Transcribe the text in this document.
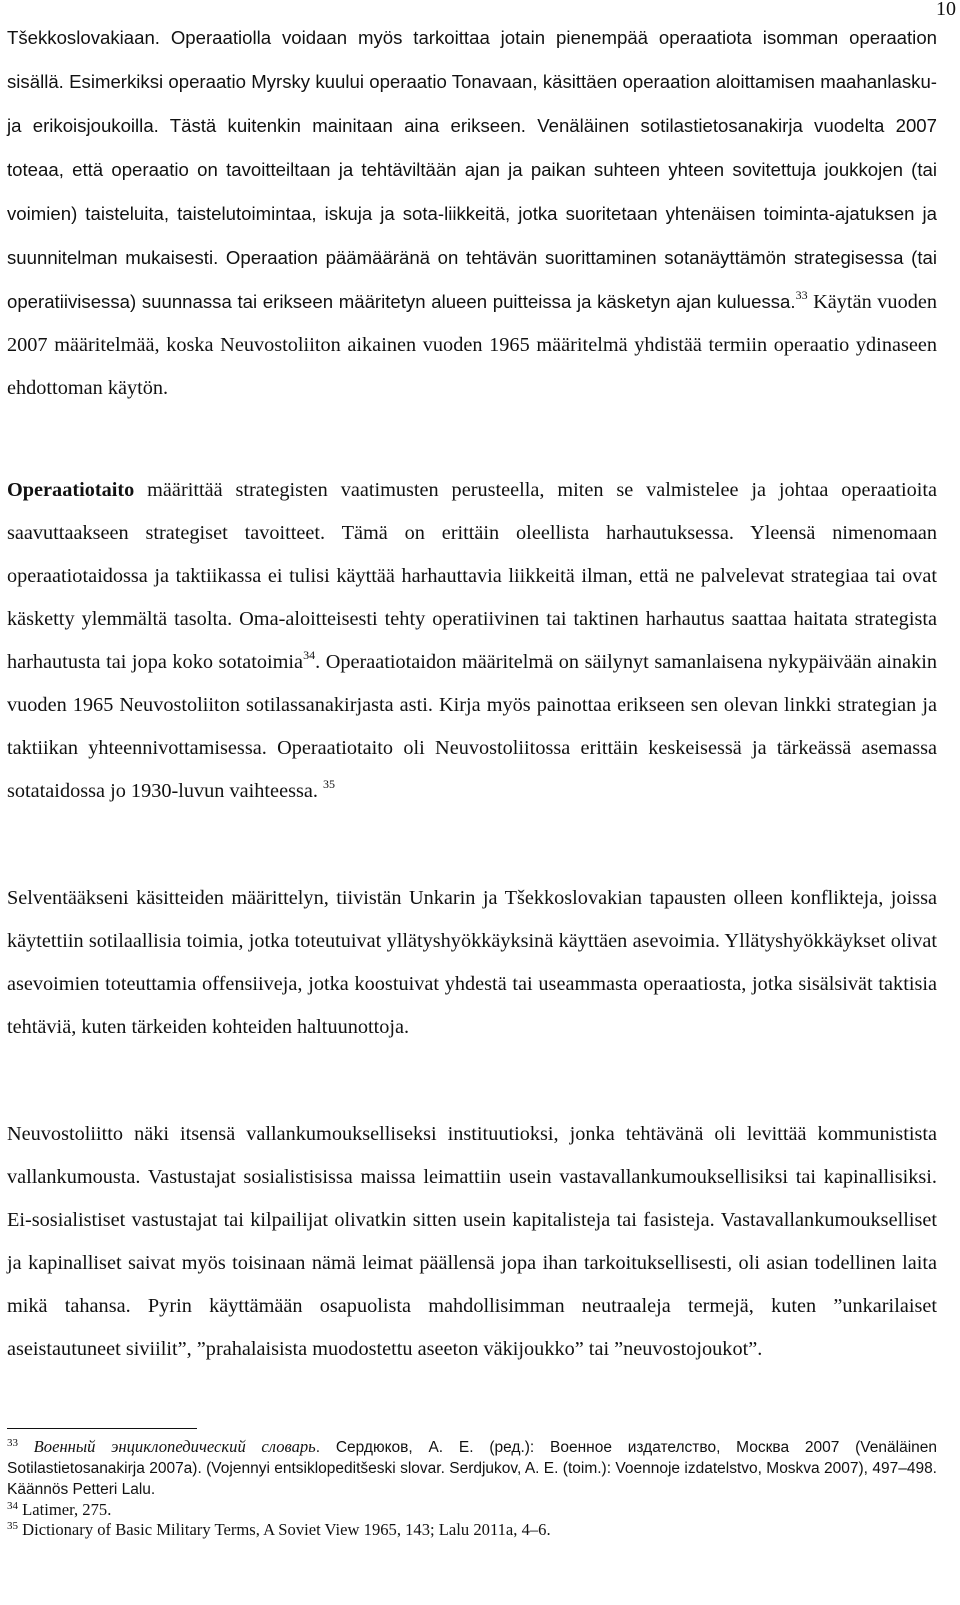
10

Tšekkoslovakiaan. Operaatiolla voidaan myös tarkoittaa jotain pienempää operaatiota isomman operaation sisällä. Esimerkiksi operaatio Myrsky kuului operaatio Tonavaan, käsittäen operaation aloittamisen maahanlasku- ja erikoisjoukoilla. Tästä kuitenkin mainitaan aina erikseen. Venäläinen sotilastietosanakirja vuodelta 2007 toteaa, että operaatio on tavoitteiltaan ja tehtäviltään ajan ja paikan suhteen yhteen sovitettuja joukkojen (tai voimien) taisteluita, taistelutoimintaa, iskuja ja sota-liikkeitä, jotka suoritetaan yhtenäisen toiminta-ajatuksen ja suunnitelman mukaisesti. Operaation päämääränä on tehtävän suorittaminen sotanäyttämön strategisessa (tai operatiivisessa) suunnassa tai erikseen määritetyn alueen puitteissa ja käsketyn ajan kuluessa.$^{33}$ Käytän vuoden 2007 määritelmää, koska Neuvostoliiton aikainen vuoden 1965 määritelmä yhdistää termiin operaatio ydinaseen ehdottoman käytön.

Operaatiotaito määrittää strategisten vaatimusten perusteella, miten se valmistelee ja johtaa operaatioita saavuttaakseen strategiset tavoitteet. Tämä on erittäin oleellista harhautuksessa. Yleensä nimenomaan operaatiotaidossa ja taktiikassa ei tulisi käyttää harhauttavia liikkeitä ilman, että ne palvelevat strategiaa tai ovat käsketty ylemmältä tasolta. Oma-aloitteisesti tehty operatiivinen tai taktinen harhautus saattaa haitata strategista harhautusta tai jopa koko sotatoimia$^{34}$. Operaatiotaidon määritelmä on säilynyt samanlaisena nykypäivään ainakin vuoden 1965 Neuvostoliiton sotilassanakirjasta asti. Kirja myös painottaa erikseen sen olevan linkki strategian ja taktiikan yhteennivottamisessa. Operaatiotaito oli Neuvostoliitossa erittäin keskeisessä ja tärkeässä asemassa sotataidossa jo 1930-luvun vaihteessa. $^{35}$

Selventääkseni käsitteiden määrittelyn, tiivistän Unkarin ja Tšekkoslovakian tapausten olleen konflikteja, joissa käytettiin sotilaallisia toimia, jotka toteutuivat yllätyshyökkäyksinä käyttäen asevoimia. Yllätyshyökkäykset olivat asevoimien toteuttamia offensiiveja, jotka koostuivat yhdestä tai useammasta operaatiosta, jotka sisälsivät taktisia tehtäviä, kuten tärkeiden kohteiden haltuunottoja.

Neuvostoliitto näki itsensä vallankumoukselliseksi instituutioksi, jonka tehtävänä oli levittää kommunistista vallankumousta. Vastustajat sosialistisissa maissa leimattiin usein vastavallankumouksellisiksi tai kapinallisiksi. Ei-sosialistiset vastustajat tai kilpailijat olivatkin sitten usein kapitalisteja tai fasisteja. Vastavallankumoukselliset ja kapinalliset saivat myös toisinaan nämä leimat päällensä jopa ihan tarkoituksellisesti, oli asian todellinen laita mikä tahansa. Pyrin käyttämään osapuolista mahdollisimman neutraaleja termejä, kuten ”unkarilaiset aseistautuneet siviilit”, ”prahalaisista muodostettu aseeton väkijoukko” tai ”neuvostojoukot”.

$^{33}$ Военный энциклопедический словарь. Сердюков, А. Е. (ред.): Военное издателство, Москва 2007 (Venäläinen Sotilastietosanakirja 2007a). (Vojennyi entsiklopeditšeski slovar. Serdjukov, A. E. (toim.): Voennoje izdatelstvo, Moskva 2007), 497–498. Käännös Petteri Lalu.

$^{34}$ Latimer, 275.

$^{35}$ Dictionary of Basic Military Terms, A Soviet View 1965, 143; Lalu 2011a, 4–6.
